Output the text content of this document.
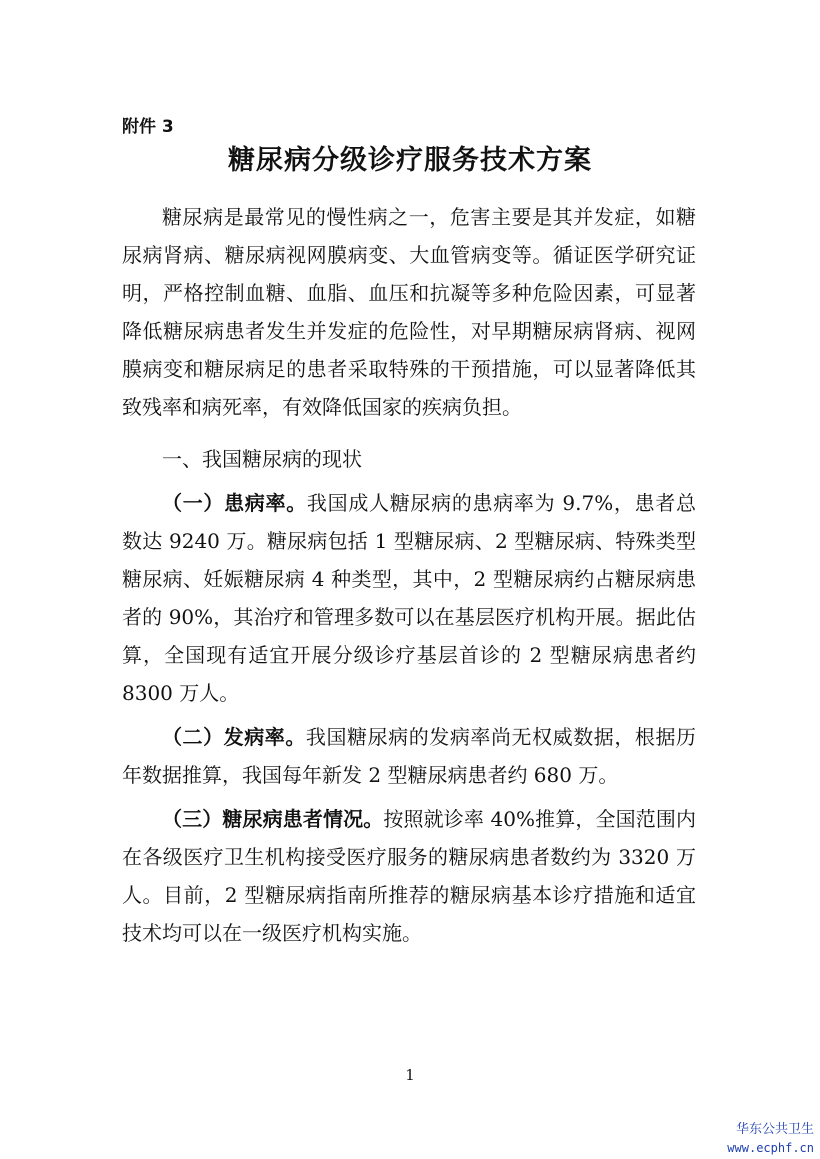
附件 3
糖尿病分级诊疗服务技术方案

糖尿病是最常见的慢性病之一，危害主要是其并发症，如糖尿病肾病、糖尿病视网膜病变、大血管病变等。循证医学研究证明，严格控制血糖、血脂、血压和抗凝等多种危险因素，可显著降低糖尿病患者发生并发症的危险性，对早期糖尿病肾病、视网膜病变和糖尿病足的患者采取特殊的干预措施，可以显著降低其致残率和病死率，有效降低国家的疾病负担。

一、我国糖尿病的现状

（一）患病率。我国成人糖尿病的患病率为 9.7%，患者总数达 9240 万。糖尿病包括 1 型糖尿病、2 型糖尿病、特殊类型糖尿病、妊娠糖尿病 4 种类型，其中，2 型糖尿病约占糖尿病患者的 90%，其治疗和管理多数可以在基层医疗机构开展。据此估算，全国现有适宜开展分级诊疗基层首诊的 2 型糖尿病患者约 8300 万人。

（二）发病率。我国糖尿病的发病率尚无权威数据，根据历年数据推算，我国每年新发 2 型糖尿病患者约 680 万。

（三）糖尿病患者情况。按照就诊率 40%推算，全国范围内在各级医疗卫生机构接受医疗服务的糖尿病患者数约为 3320 万人。目前，2 型糖尿病指南所推荐的糖尿病基本诊疗措施和适宜技术均可以在一级医疗机构实施。

1
华东公共卫生
www.ecphf.cn
